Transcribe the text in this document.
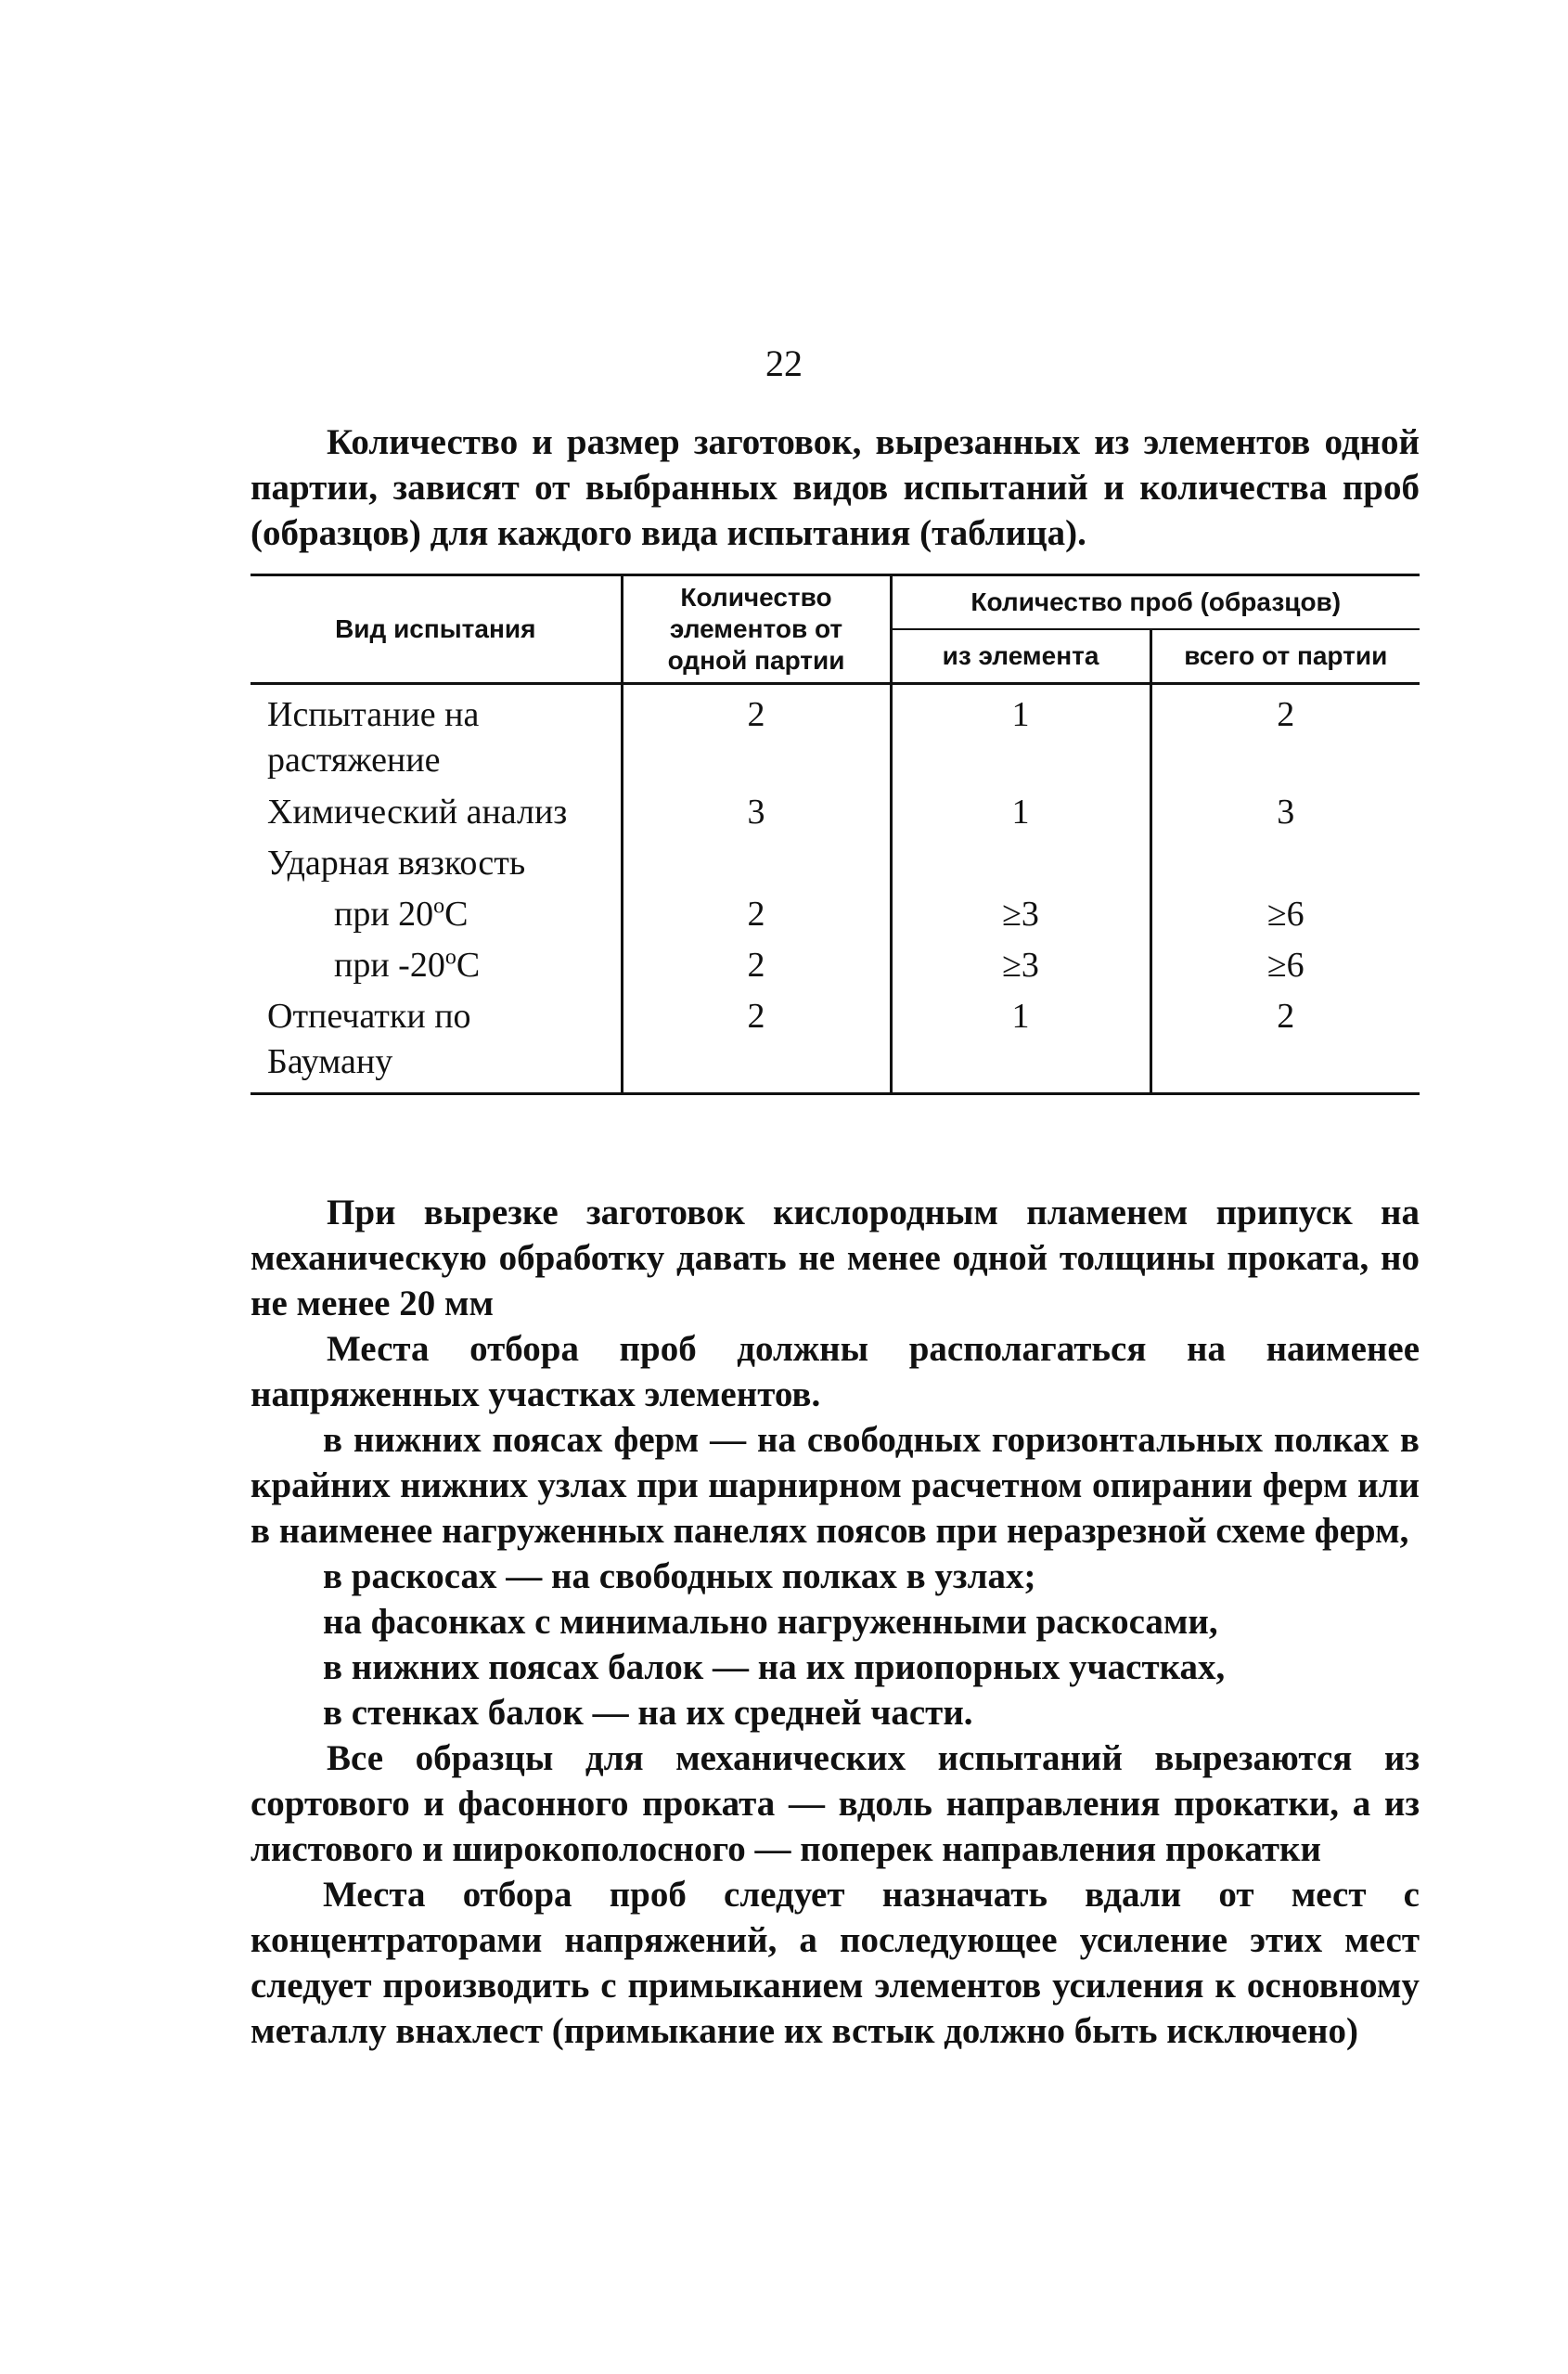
22

Количество и размер заготовок, вырезанных из элементов одной партии, зависят от выбранных видов испытаний и количества проб (образцов) для каждого вида испытания (таблица).

Вид испытания	Количество элементов от одной партии	Количество проб (образцов)	
		из элемента	всего от партии
Испытание на растяжение	2	1	2
Химический анализ	3	1	3
Ударная вязкость			
при $20^оС$	2	≥3	≥6
при $-20^оС$	2	≥3	≥6
Отпечатки по Бауману	2	1	2

При вырезке заготовок кислородным пламенем припуск на механическую обработку давать не менее одной толщины проката, но не менее 20 мм

Места отбора проб должны располагаться на наименее напряженных участках элементов.

в нижних поясах ферм — на свободных горизонтальных полках в крайних нижних узлах при шарнирном расчетном опирании ферм или в наименее нагруженных панелях поясов при неразрезной схеме ферм,

в раскосах — на свободных полках в узлах;

на фасонках с минимально нагруженными раскосами,

в нижних поясах балок — на их приопорных участках,

в стенках балок — на их средней части.

Все образцы для механических испытаний вырезаются из сортового и фасонного проката — вдоль направления прокатки, а из листового и широкополосного — поперек направления прокатки

Места отбора проб следует назначать вдали от мест с концентраторами напряжений, а последующее усиление этих мест следует производить с примыканием элементов усиления к основному металлу внахлест (примыкание их встык должно быть исключено)
